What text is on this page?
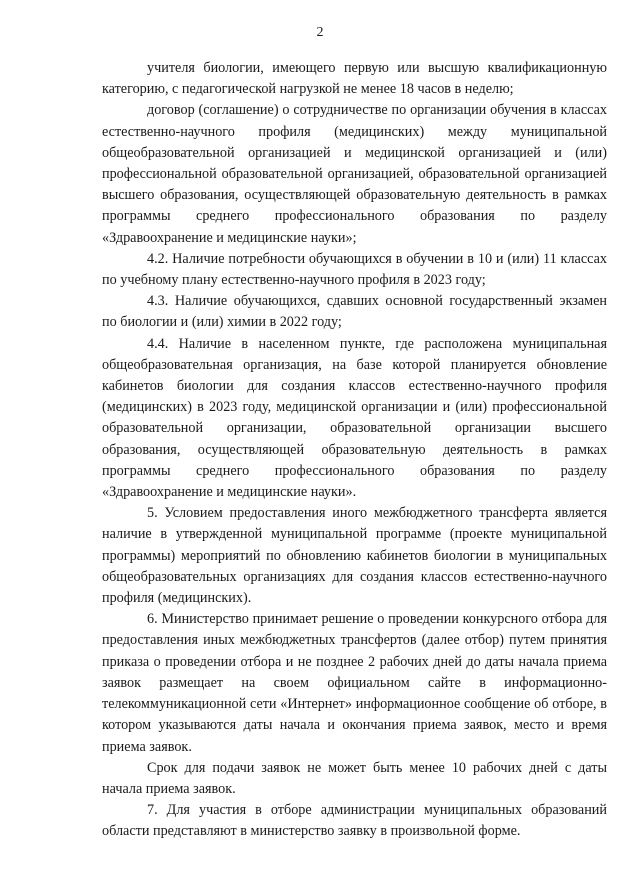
2

учителя биологии, имеющего первую или высшую квалификационную категорию, с педагогической нагрузкой не менее 18 часов в неделю;

договор (соглашение) о сотрудничестве по организации обучения в классах естественно-научного профиля (медицинских) между муниципальной общеобразовательной организацией и медицинской организацией и (или) профессиональной образовательной организацией, образовательной организацией высшего образования, осуществляющей образовательную деятельность в рамках программы среднего профессионального образования по разделу «Здравоохранение и медицинские науки»;

4.2. Наличие потребности обучающихся в обучении в 10 и (или) 11 классах по учебному плану естественно-научного профиля в 2023 году;

4.3. Наличие обучающихся, сдавших основной государственный экзамен по биологии и (или) химии в 2022 году;

4.4. Наличие в населенном пункте, где расположена муниципальная общеобразовательная организация, на базе которой планируется обновление кабинетов биологии для создания классов естественно-научного профиля (медицинских) в 2023 году, медицинской организации и (или) профессиональной образовательной организации, образовательной организации высшего образования, осуществляющей образовательную деятельность в рамках программы среднего профессионального образования по разделу «Здравоохранение и медицинские науки».

5. Условием предоставления иного межбюджетного трансферта является наличие в утвержденной муниципальной программе (проекте муниципальной программы) мероприятий по обновлению кабинетов биологии в муниципальных общеобразовательных организациях для создания классов естественно-научного профиля (медицинских).

6. Министерство принимает решение о проведении конкурсного отбора для предоставления иных межбюджетных трансфертов (далее отбор) путем принятия приказа о проведении отбора и не позднее 2 рабочих дней до даты начала приема заявок размещает на своем официальном сайте в информационно-телекоммуникационной сети «Интернет» информационное сообщение об отборе, в котором указываются даты начала и окончания приема заявок, место и время приема заявок.

Срок для подачи заявок не может быть менее 10 рабочих дней с даты начала приема заявок.

7. Для участия в отборе администрации муниципальных образований области представляют в министерство заявку в произвольной форме.
